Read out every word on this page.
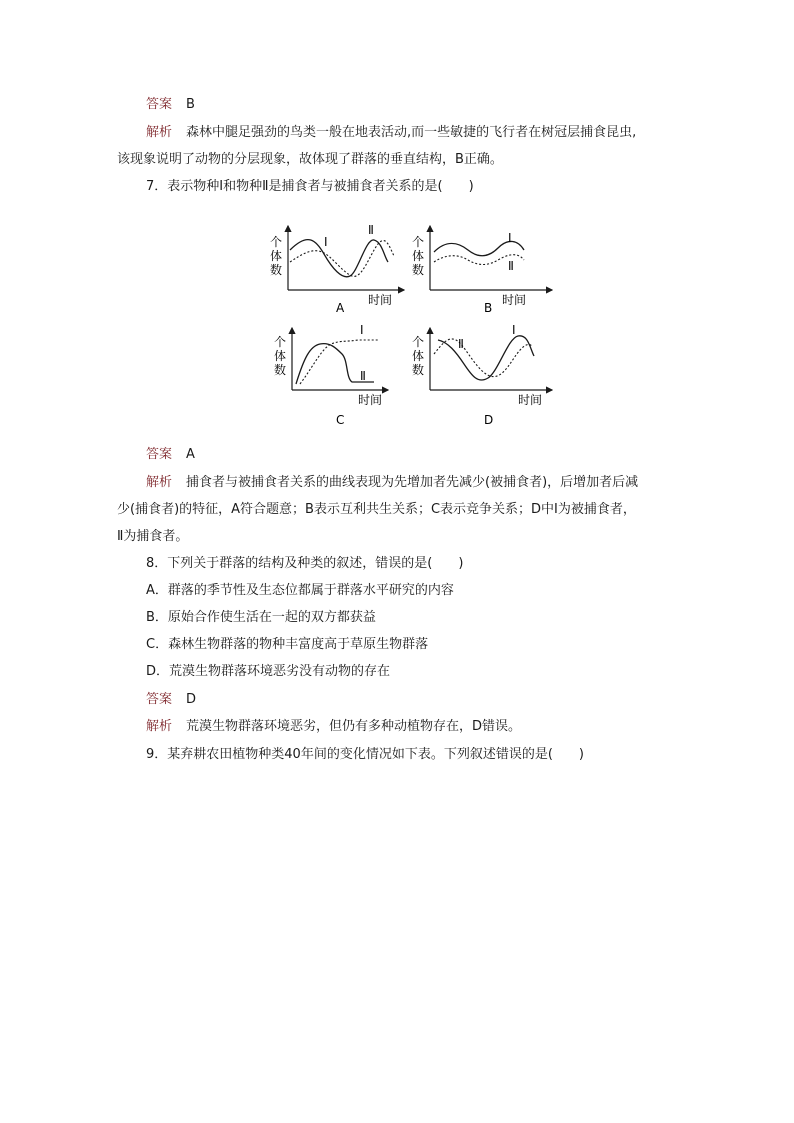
答案 B
解析 森林中腿足强劲的鸟类一般在地表活动,而一些敏捷的飞行者在树冠层捕食昆虫,
该现象说明了动物的分层现象，故体现了群落的垂直结构，B正确。
7．表示物种Ⅰ和物种Ⅱ是捕食者与被捕食者关系的是(　　)
个
体
数
时间
Ⅰ
Ⅱ
A
个
体
数
时间
Ⅰ
Ⅱ
B
个
体
数
时间
Ⅰ
Ⅱ
C
个
体
数
时间
Ⅱ
Ⅰ
D
答案 A
解析 捕食者与被捕食者关系的曲线表现为先增加者先减少(被捕食者)，后增加者后减
少(捕食者)的特征，A符合题意；B表示互利共生关系；C表示竞争关系；D中Ⅰ为被捕食者，
Ⅱ为捕食者。
8．下列关于群落的结构及种类的叙述，错误的是(　　)
A．群落的季节性及生态位都属于群落水平研究的内容
B．原始合作使生活在一起的双方都获益
C．森林生物群落的物种丰富度高于草原生物群落
D．荒漠生物群落环境恶劣没有动物的存在
答案 D
解析 荒漠生物群落环境恶劣，但仍有多种动植物存在，D错误。
9．某弃耕农田植物种类40年间的变化情况如下表。下列叙述错误的是(　　)
